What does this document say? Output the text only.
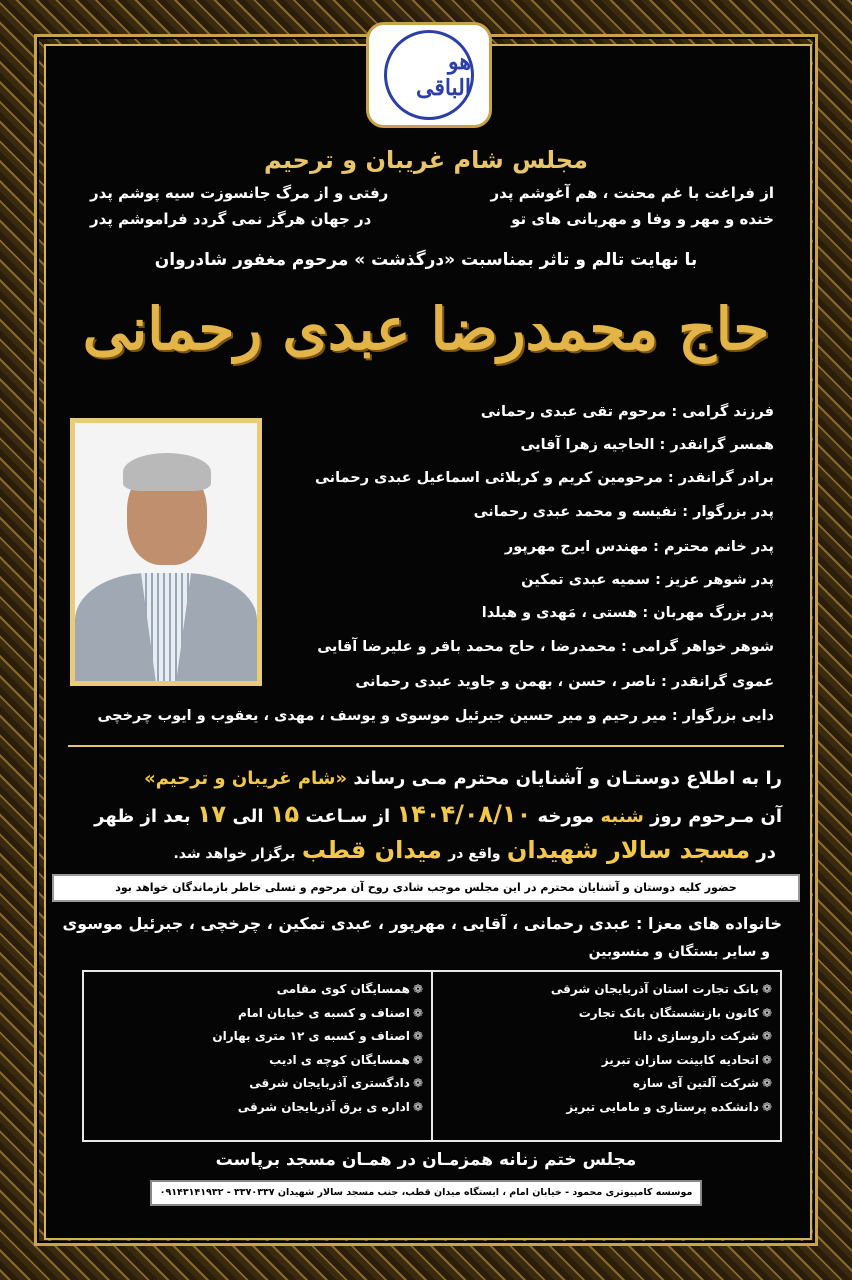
هو الباقی
مجلس شام غریبان و ترحیم
از فراغت با غم محنت ، هم آغوشم پدر
رفتی و از مرگ جانسوزت سیه پوشم پدر
خنده و مهر و وفا و مهربانی های تو
در جهان هرگز نمی گردد فراموشم پدر
با نهایت تالم و تاثر بمناسبت «درگذشت » مرحوم مغفور شادروان
حاج محمدرضا عبدی رحمانی
فرزند گرامی : مرحوم تقی عبدی رحمانی
همسر گرانقدر : الحاجیه زهرا آقایی
برادر گرانقدر : مرحومین کریم و کربلائی اسماعیل عبدی رحمانی
پدر بزرگوار : نفیسه و محمد عبدی رحمانی
پدر خانم محترم : مهندس ایرج مهرپور
پدر شوهر عزیز : سمیه عبدی تمکین
پدر بزرگ مهربان : هستی ، مَهدی و هیلدا
شوهر خواهر گرامی : محمدرضا ، حاج محمد باقر و علیرضا آقایی
عموی گرانقدر : ناصر ، حسن ، بهمن و جاوید عبدی رحمانی
دایی بزرگوار : میر رحیم و میر حسین جبرئیل موسوی و یوسف ، مهدی ، یعقوب و ایوب چرخچی
را به اطلاع دوستـان و آشنایان محترم مـی رساند «شام غریبان و ترحیم»
آن مـرحوم روز شنبه مورخه ۱۴۰۴/۰۸/۱۰ از سـاعت ۱۵ الی ۱۷ بعد از ظهر
در مسجد سالار شهیدان واقع در میدان قطب برگزار خواهد شد.
حضور کلیه دوستان و آشنایان محترم در این مجلس موجب شادی روح آن مرحوم و تسلی خاطر بازماندگان خواهد بود
خانواده های معزا : عبدی رحمانی ، آقایی ، مهرپور ، عبدی تمکین ، چرخچی ، جبرئیل موسوی
و سایر بستگان و منسوبین
❁ بانک تجارت استان آذربایجان شرقی
❁ کانون بازنشستگان بانک تجارت
❁ شرکت داروسازی دانا
❁ اتحادیه کابینت سازان تبریز
❁ شرکت آلتین آی سازه
❁ دانشکده پرستاری و مامایی تبریز
❁ همسایگان کوی مقامی
❁ اصناف و کسبه ی خیابان امام
❁ اصناف و کسبه ی ۱۲ متری بهاران
❁ همسایگان کوچه ی ادیب
❁ دادگستری آذربایجان شرقی
❁ اداره ی برق آذربایجان شرقی
مجلس ختم زنانه همزمـان در همـان مسجد برپاست
موسسه کامپیوتری محمود - خیابان امام ، ایستگاه میدان قطب، جنب مسجد سالار شهیدان ۳۳۷۰۳۳۷ - ۰۹۱۴۳۱۴۱۹۳۲
